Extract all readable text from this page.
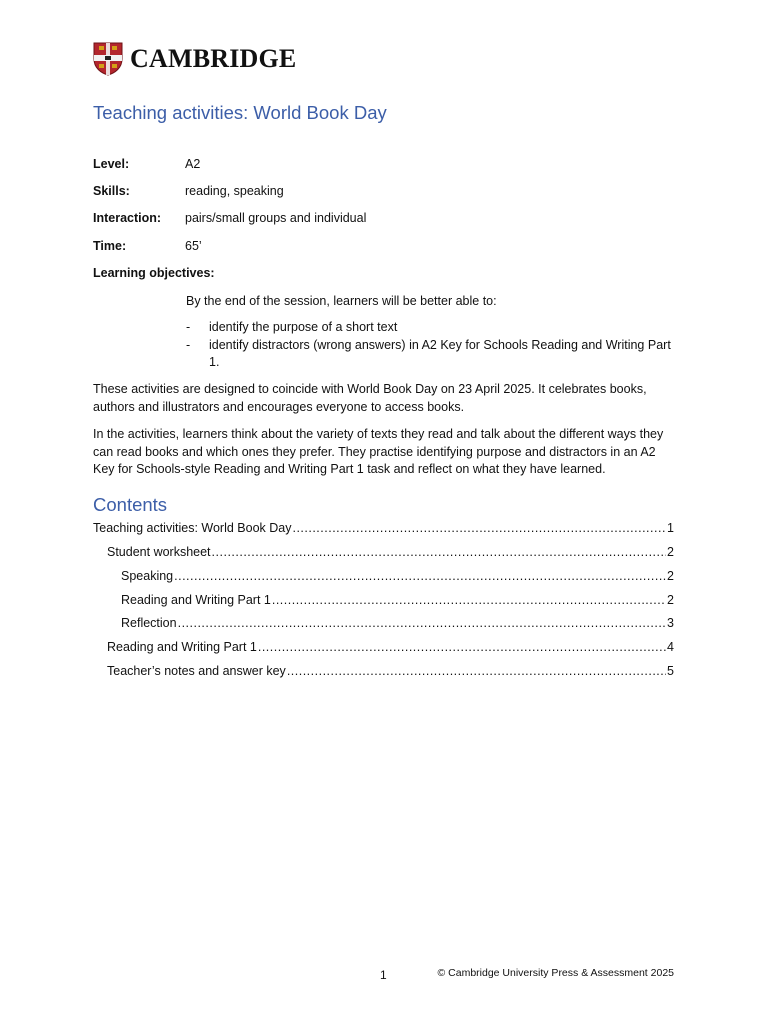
CAMBRIDGE
Teaching activities: World Book Day
Level:	A2
Skills:	reading, speaking
Interaction:	pairs/small groups and individual
Time:	65’
Learning objectives:
By the end of the session, learners will be better able to:
- identify the purpose of a short text
- identify distractors (wrong answers) in A2 Key for Schools Reading and Writing Part 1.

These activities are designed to coincide with World Book Day on 23 April 2025. It celebrates books, authors and illustrators and encourages everyone to access books.

In the activities, learners think about the variety of texts they read and talk about the different ways they can read books and which ones they prefer. They practise identifying purpose and distractors in an A2 Key for Schools-style Reading and Writing Part 1 task and reflect on what they have learned.

Contents
Teaching activities: World Book Day .....	1
Student worksheet .....	2
Speaking .....	2
Reading and Writing Part 1 .....	2
Reflection .....	3
Reading and Writing Part 1 .....	4
Teacher’s notes and answer key .....	5
1	© Cambridge University Press & Assessment 2025
